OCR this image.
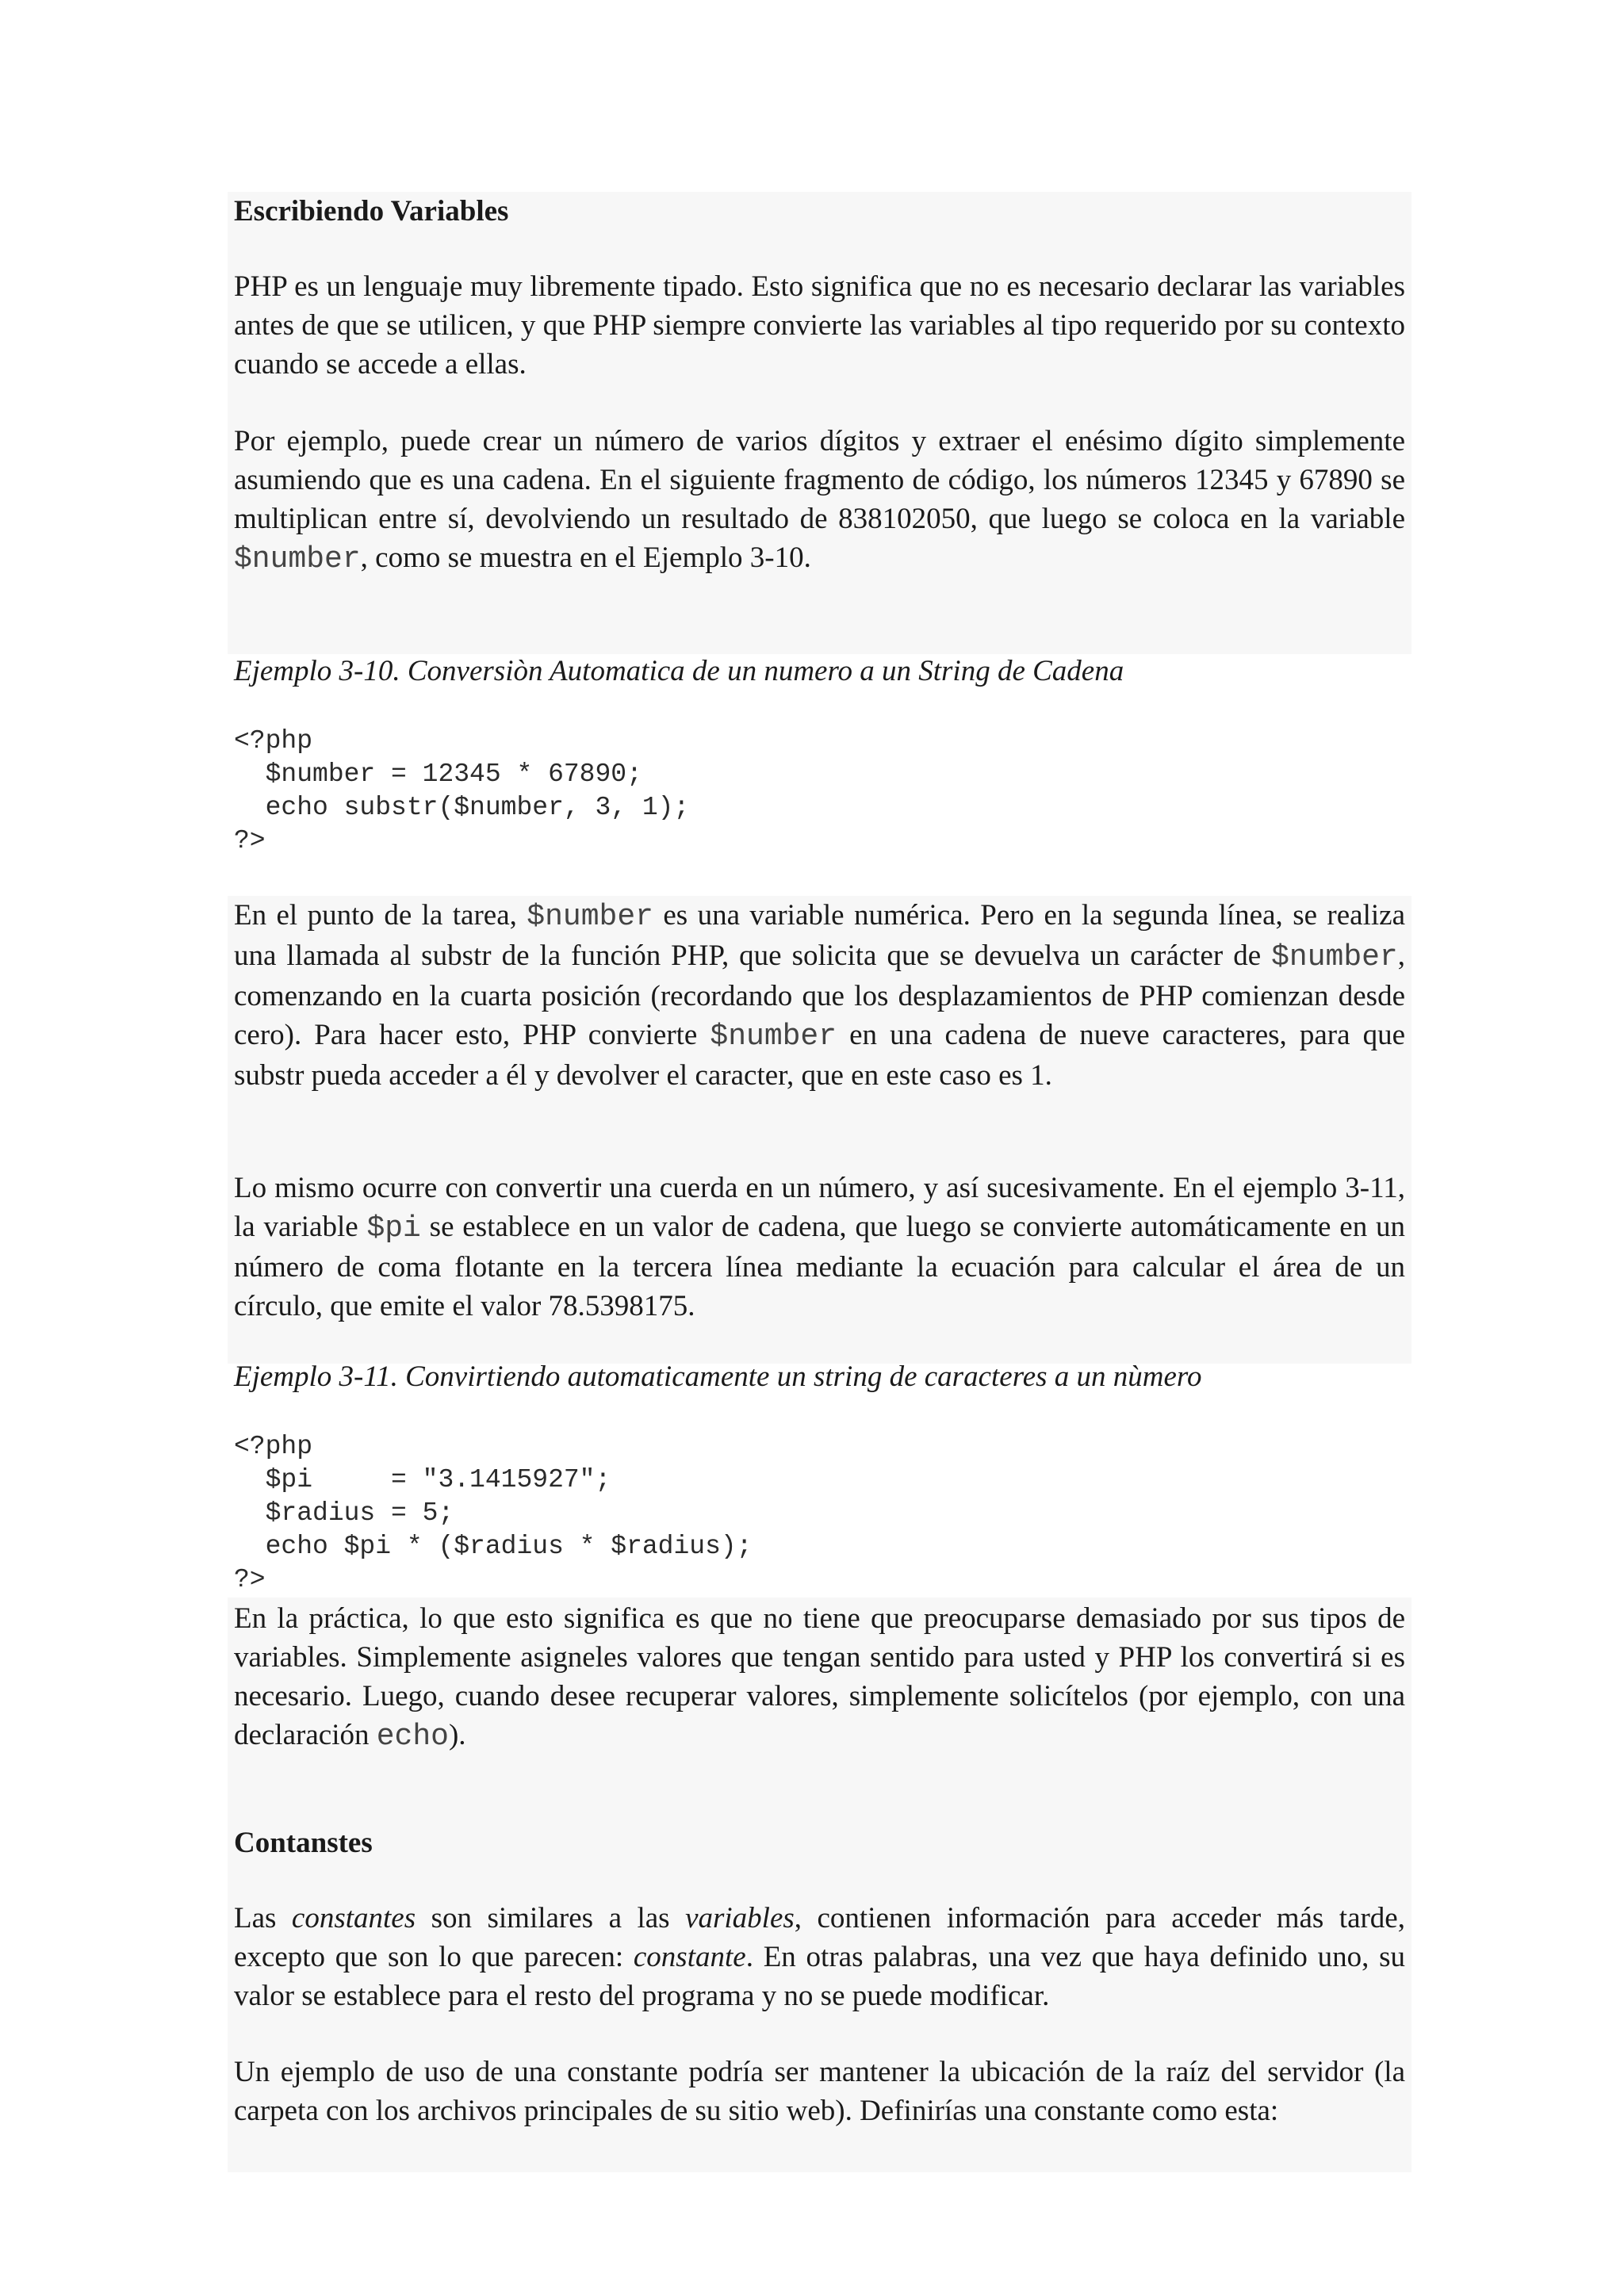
Escribiendo Variables

PHP es un lenguaje muy libremente tipado. Esto significa que no es necesario declarar las variables antes de que se utilicen, y que PHP siempre convierte las variables al tipo requerido por su contexto cuando se accede a ellas.

Por ejemplo, puede crear un número de varios dígitos y extraer el enésimo dígito simplemente asumiendo que es una cadena. En el siguiente fragmento de código, los números 12345 y 67890 se multiplican entre sí, devolviendo un resultado de 838102050, que luego se coloca en la variable $number, como se muestra en el Ejemplo 3-10.

Ejemplo 3-10. Conversiòn Automatica de un numero a un String de Cadena

<?php
$number = 12345 * 67890;
echo substr($number, 3, 1);
?>

En el punto de la tarea, $number es una variable numérica. Pero en la segunda línea, se realiza una llamada al substr de la función PHP, que solicita que se devuelva un carácter de $number, comenzando en la cuarta posición (recordando que los desplazamientos de PHP comienzan desde cero). Para hacer esto, PHP convierte $number en una cadena de nueve caracteres, para que substr pueda acceder a él y devolver el caracter, que en este caso es 1.

Lo mismo ocurre con convertir una cuerda en un número, y así sucesivamente. En el ejemplo 3-11, la variable $pi se establece en un valor de cadena, que luego se convierte automáticamente en un número de coma flotante en la tercera línea mediante la ecuación para calcular el área de un círculo, que emite el valor 78.5398175.

Ejemplo 3-11. Convirtiendo automaticamente un string de caracteres a un nùmero

<?php
$pi     = "3.1415927";
$radius = 5;
echo $pi * ($radius * $radius);
?>

En la práctica, lo que esto significa es que no tiene que preocuparse demasiado por sus tipos de variables. Simplemente asigneles valores que tengan sentido para usted y PHP los convertirá si es necesario. Luego, cuando desee recuperar valores, simplemente solicítelos (por ejemplo, con una declaración echo).

Contanstes

Las constantes son similares a las variables, contienen información para acceder más tarde, excepto que son lo que parecen: constante. En otras palabras, una vez que haya definido uno, su valor se establece para el resto del programa y no se puede modificar.

Un ejemplo de uso de una constante podría ser mantener la ubicación de la raíz del servidor (la carpeta con los archivos principales de su sitio web). Definirías una constante como esta:
